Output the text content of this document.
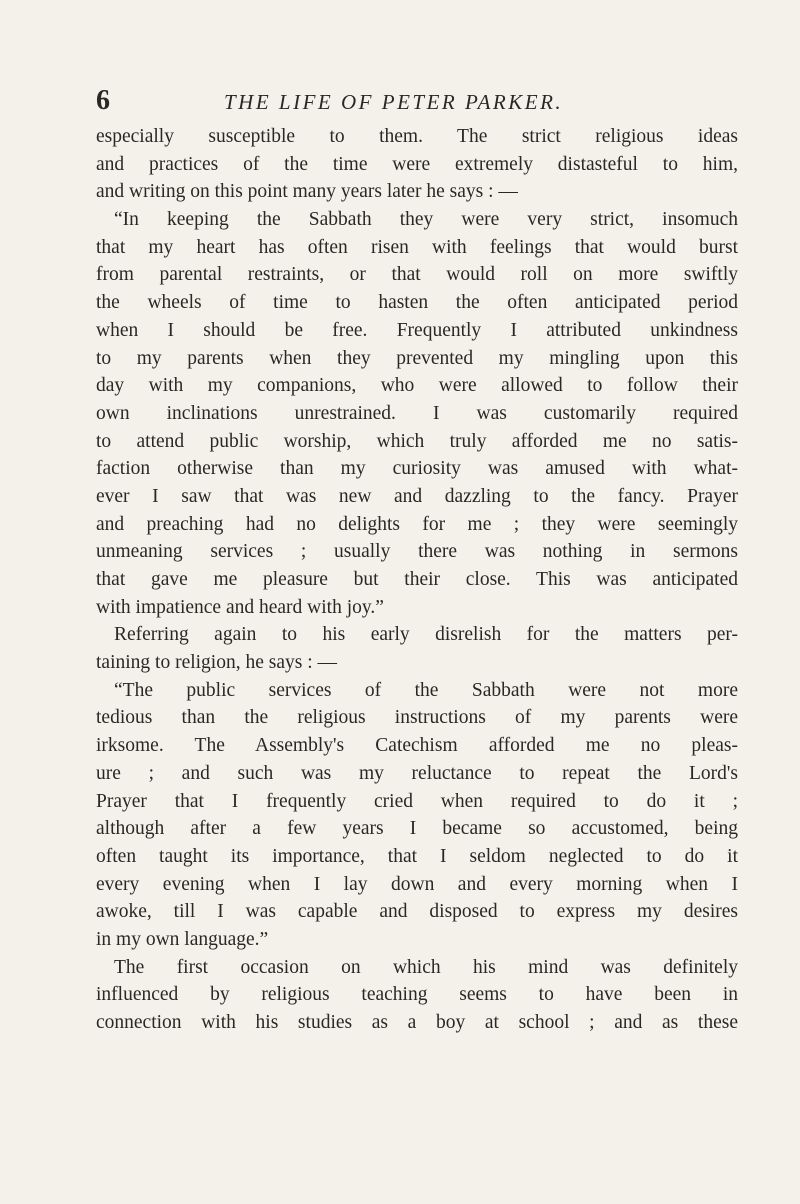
6	THE LIFE OF PETER PARKER.
especially susceptible to them. The strict religious ideas
and practices of the time were extremely distasteful to him,
and writing on this point many years later he says : —
“In keeping the Sabbath they were very strict, insomuch
that my heart has often risen with feelings that would burst
from parental restraints, or that would roll on more swiftly
the wheels of time to hasten the often anticipated period
when I should be free. Frequently I attributed unkindness
to my parents when they prevented my mingling upon this
day with my companions, who were allowed to follow their
own inclinations unrestrained. I was customarily required
to attend public worship, which truly afforded me no satis-
faction otherwise than my curiosity was amused with what-
ever I saw that was new and dazzling to the fancy. Prayer
and preaching had no delights for me ; they were seemingly
unmeaning services ; usually there was nothing in sermons
that gave me pleasure but their close. This was anticipated
with impatience and heard with joy.”
Referring again to his early disrelish for the matters per-
taining to religion, he says : —
“The public services of the Sabbath were not more
tedious than the religious instructions of my parents were
irksome. The Assembly's Catechism afforded me no pleas-
ure ; and such was my reluctance to repeat the Lord's
Prayer that I frequently cried when required to do it ;
although after a few years I became so accustomed, being
often taught its importance, that I seldom neglected to do it
every evening when I lay down and every morning when I
awoke, till I was capable and disposed to express my desires
in my own language.”
The first occasion on which his mind was definitely
influenced by religious teaching seems to have been in
connection with his studies as a boy at school ; and as these
